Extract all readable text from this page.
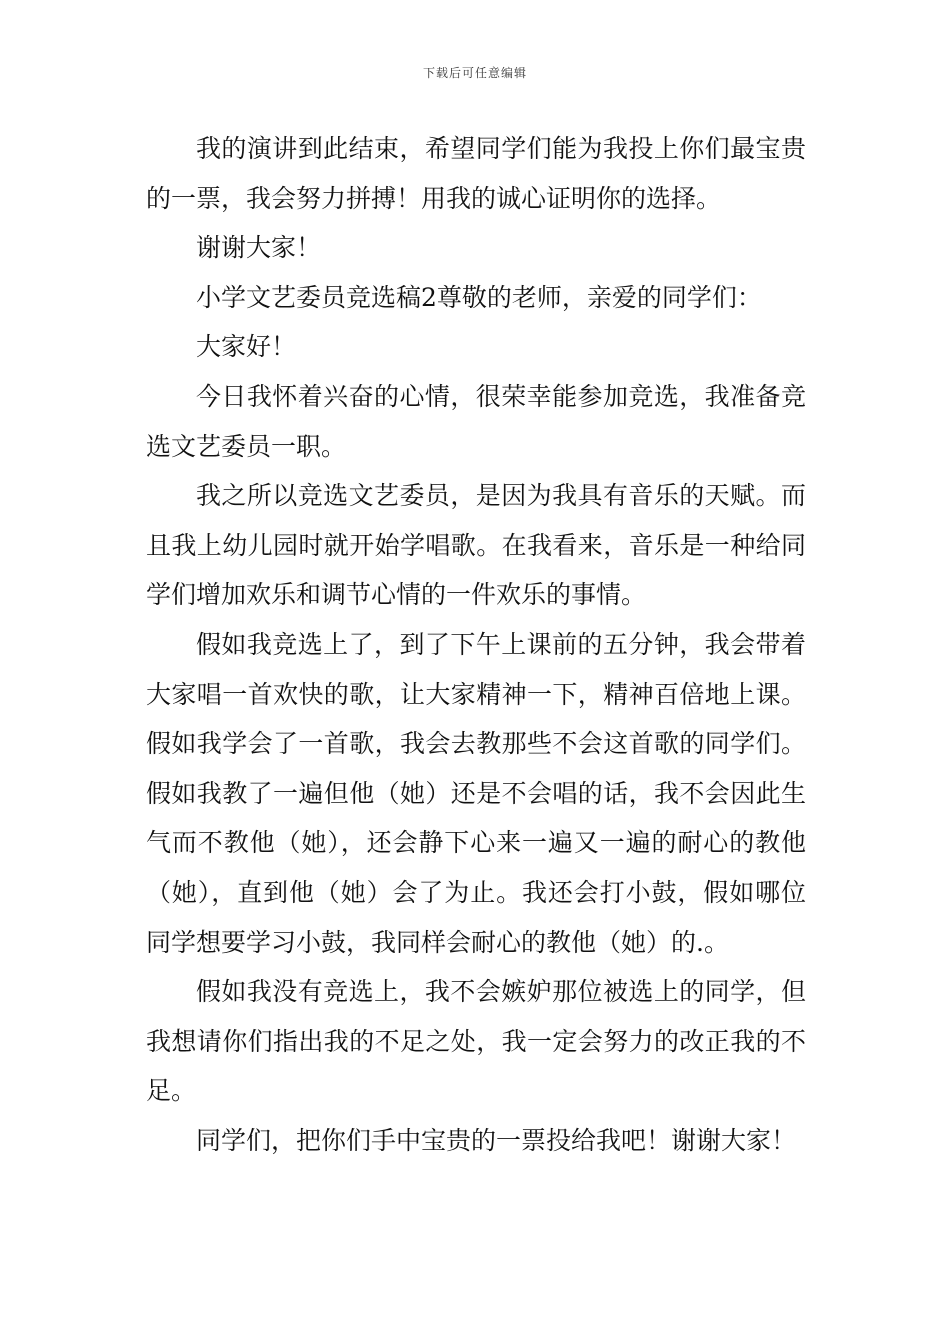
下载后可任意编辑

我的演讲到此结束，希望同学们能为我投上你们最宝贵的一票，我会努力拼搏！用我的诚心证明你的选择。

谢谢大家！

小学文艺委员竞选稿2尊敬的老师，亲爱的同学们：

大家好！

今日我怀着兴奋的心情，很荣幸能参加竞选，我准备竞选文艺委员一职。

我之所以竞选文艺委员，是因为我具有音乐的天赋。而且我上幼儿园时就开始学唱歌。在我看来，音乐是一种给同学们增加欢乐和调节心情的一件欢乐的事情。

假如我竞选上了，到了下午上课前的五分钟，我会带着大家唱一首欢快的歌，让大家精神一下，精神百倍地上课。假如我学会了一首歌，我会去教那些不会这首歌的同学们。假如我教了一遍但他（她）还是不会唱的话，我不会因此生气而不教他（她），还会静下心来一遍又一遍的耐心的教他（她），直到他（她）会了为止。我还会打小鼓，假如哪位同学想要学习小鼓，我同样会耐心的教他（她）的.。

假如我没有竞选上，我不会嫉妒那位被选上的同学，但我想请你们指出我的不足之处，我一定会努力的改正我的不足。

同学们，把你们手中宝贵的一票投给我吧！谢谢大家！
